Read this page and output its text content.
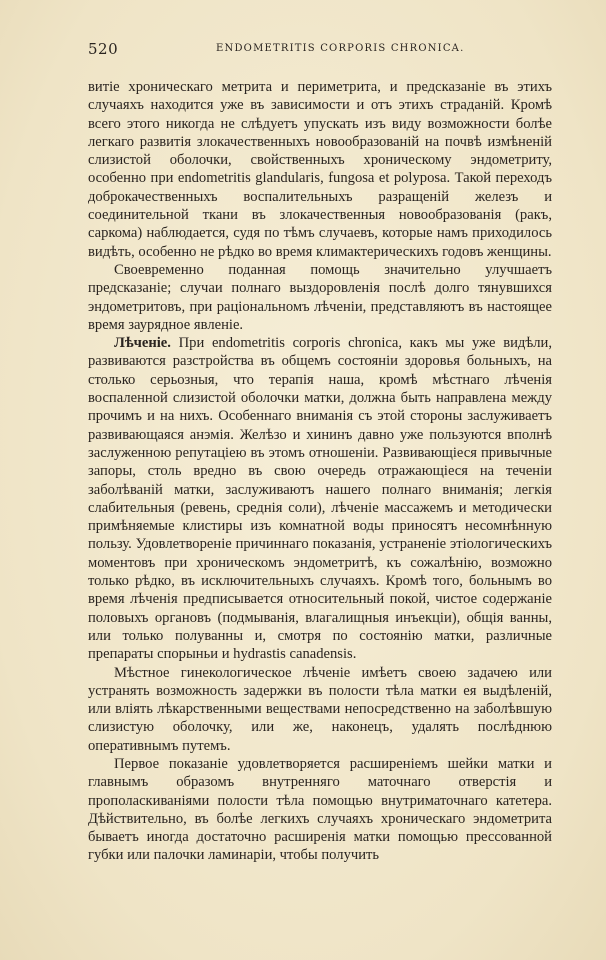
520	ENDOMETRITIS CORPORIS CHRONICA.

витіе хроническаго метрита и периметрита, и предсказаніе въ этихъ случаяхъ находится уже въ зависимости и отъ этихъ страданій. Кромѣ всего этого никогда не слѣдуетъ упускать изъ виду возможности болѣе легкаго развитія злокачественныхъ новообразованій на почвѣ измѣненій слизистой оболочки, свойственныхъ хроническому эндометриту, особенно при endometritis glandularis, fungosa et polyposa. Такой переходъ доброкачественныхъ воспалительныхъ разращеній железъ и соединительной ткани въ злокачественныя новообразованія (ракъ, саркома) наблюдается, судя по тѣмъ случаевъ, которые намъ приходилось видѣть, особенно не рѣдко во время климактерическихъ годовъ женщины.

Своевременно поданная помощь значительно улучшаетъ предсказаніе; случаи полнаго выздоровленія послѣ долго тянувшихся эндометритовъ, при раціональномъ лѣченіи, представляютъ въ настоящее время заурядное явленіе.

Лѣченіе. При endometritis corporis chronica, какъ мы уже видѣли, развиваются разстройства въ общемъ состояніи здоровья больныхъ, на столько серьозныя, что терапія наша, кромѣ мѣстнаго лѣченія воспаленной слизистой оболочки матки, должна быть направлена между прочимъ и на нихъ. Особеннаго вниманія съ этой стороны заслуживаетъ развивающаяся анэмія. Желѣзо и хининъ давно уже пользуются вполнѣ заслуженною репутаціею въ этомъ отношеніи. Развивающіеся привычные запоры, столь вредно въ свою очередь отражающіеся на теченіи заболѣваній матки, заслуживаютъ нашего полнаго вниманія; легкія слабительныя (ревень, среднія соли), лѣченіе массажемъ и методически примѣняемые клистиры изъ комнатной воды приносятъ несомнѣнную пользу. Удовлетвореніе причиннаго показанія, устраненіе этіологическихъ моментовъ при хроническомъ эндометритѣ, къ сожалѣнію, возможно только рѣдко, въ исключительныхъ случаяхъ. Кромѣ того, больнымъ во время лѣченія предписывается относительный покой, чистое содержаніе половыхъ органовъ (подмыванія, влагалищныя инъекціи), общія ванны, или только полуванны и, смотря по состоянію матки, различные препараты спорыньи и hydrastis canadensis.

Мѣстное гинекологическое лѣченіе имѣетъ своею задачею или устранять возможность задержки въ полости тѣла матки ея выдѣленій, или вліять лѣкарственными веществами непосредственно на заболѣвшую слизистую оболочку, или же, наконецъ, удалять послѣднюю оперативнымъ путемъ.

Первое показаніе удовлетворяется расширеніемъ шейки матки и главнымъ образомъ внутренняго маточнаго отверстія и прополаскиваніями полости тѣла помощью внутриматочнаго катетера. Дѣйствительно, въ болѣе легкихъ случаяхъ хроническаго эндометрита бываетъ иногда достаточно расширенія матки помощью прессованной губки или палочки ламинаріи, чтобы получить
